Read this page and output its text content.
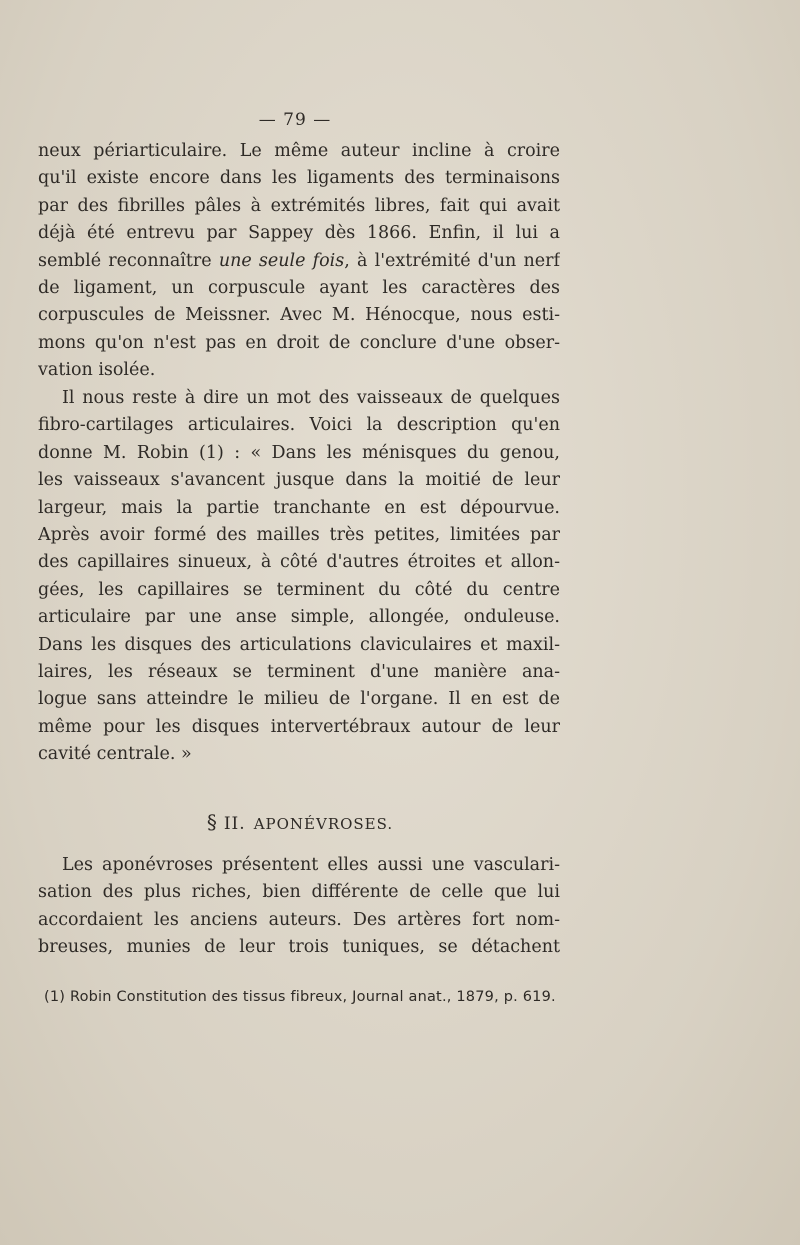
— 79 —
neux périarticulaire. Le même auteur incline à croire
qu'il existe encore dans les ligaments des terminaisons
par des fibrilles pâles à extrémités libres, fait qui avait
déjà été entrevu par Sappey dès 1866. Enfin, il lui a
semblé reconnaître une seule fois, à l'extrémité d'un nerf
de ligament, un corpuscule ayant les caractères des
corpuscules de Meissner. Avec M. Hénocque, nous esti-
mons qu'on n'est pas en droit de conclure d'une obser-
vation isolée.
Il nous reste à dire un mot des vaisseaux de quelques
fibro-cartilages articulaires. Voici la description qu'en
donne M. Robin (1) : « Dans les ménisques du genou,
les vaisseaux s'avancent jusque dans la moitié de leur
largeur, mais la partie tranchante en est dépourvue.
Après avoir formé des mailles très petites, limitées par
des capillaires sinueux, à côté d'autres étroites et allon-
gées, les capillaires se terminent du côté du centre
articulaire par une anse simple, allongée, onduleuse.
Dans les disques des articulations claviculaires et maxil-
laires, les réseaux se terminent d'une manière ana-
logue sans atteindre le milieu de l'organe. Il en est de
même pour les disques intervertébraux autour de leur
cavité centrale. »
§ II. APONÉVROSES.
Les aponévroses présentent elles aussi une vasculari-
sation des plus riches, bien différente de celle que lui
accordaient les anciens auteurs. Des artères fort nom-
breuses, munies de leur trois tuniques, se détachent
(1) Robin Constitution des tissus fibreux, Journal anat., 1879, p. 619.
